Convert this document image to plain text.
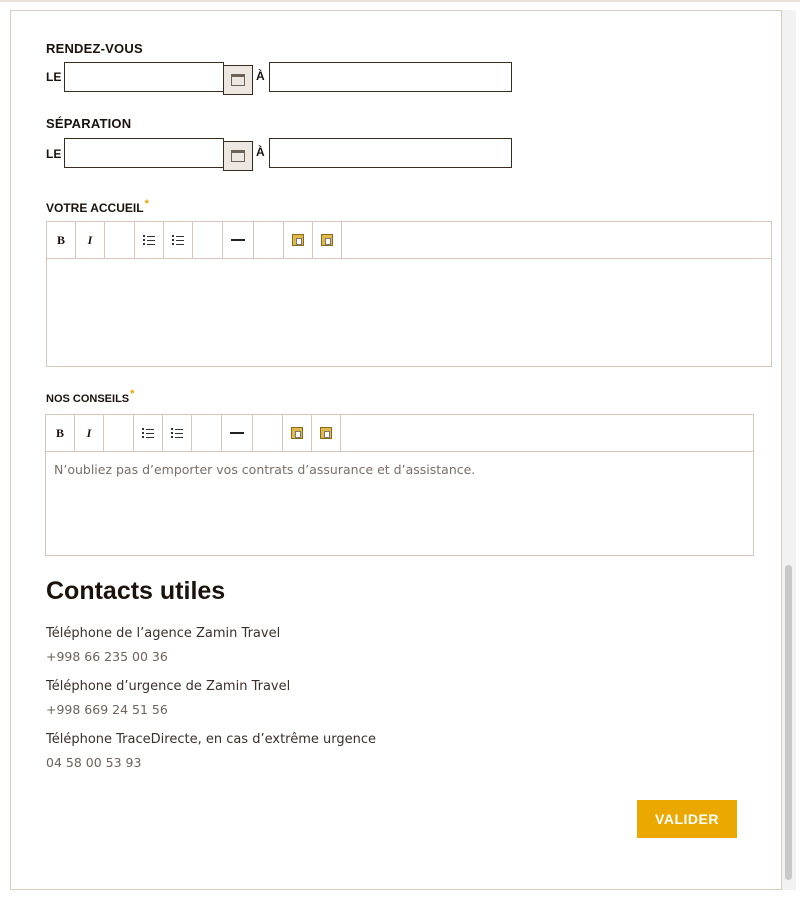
RENDEZ-VOUS
LE	À
SÉPARATION
LE	À
VOTRE ACCUEIL*
B	I
NOS CONSEILS*
B	I
N’oubliez pas d’emporter vos contrats d’assurance et d’assistance.
Contacts utiles
Téléphone de l’agence Zamin Travel
+998 66 235 00 36
Téléphone d’urgence de Zamin Travel
+998 669 24 51 56
Téléphone TraceDirecte, en cas d’extrême urgence
04 58 00 53 93
VALIDER
